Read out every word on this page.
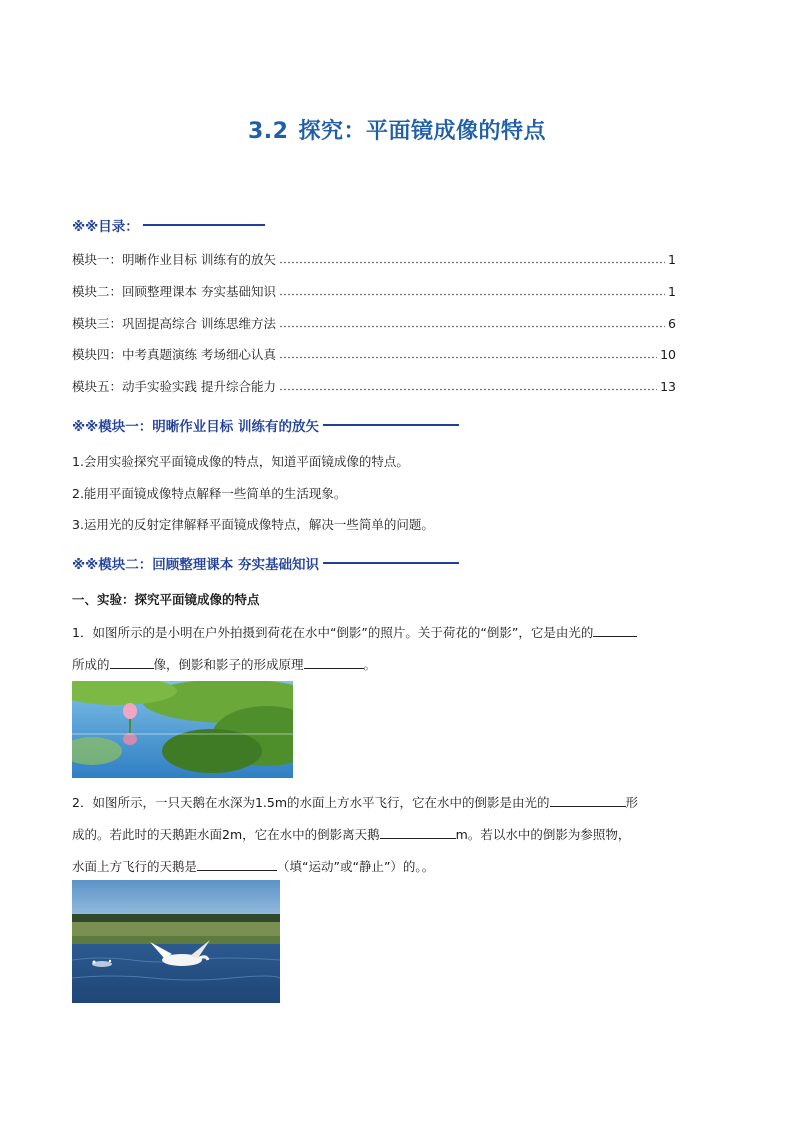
3.2 探究：平面镜成像的特点
※※目录：
模块一：明晰作业目标 训练有的放矢	1
模块二：回顾整理课本 夯实基础知识	1
模块三：巩固提高综合 训练思维方法	6
模块四：中考真题演练 考场细心认真	10
模块五：动手实验实践 提升综合能力	13
※※模块一：明晰作业目标 训练有的放矢
1.会用实验探究平面镜成像的特点，知道平面镜成像的特点。
2.能用平面镜成像特点解释一些简单的生活现象。
3.运用光的反射定律解释平面镜成像特点，解决一些简单的问题。
※※模块二：回顾整理课本 夯实基础知识
一、实验：探究平面镜成像的特点
1．如图所示的是小明在户外拍摄到荷花在水中“倒影”的照片。关于荷花的“倒影”，它是由光的
所成的	像，倒影和影子的形成原理	。
2．如图所示，一只天鹅在水深为1.5m的水面上方水平飞行，它在水中的倒影是由光的	形
成的。若此时的天鹅距水面2m，它在水中的倒影离天鹅	m。若以水中的倒影为参照物，
水面上方飞行的天鹅是	（填“运动”或“静止”）的。。
